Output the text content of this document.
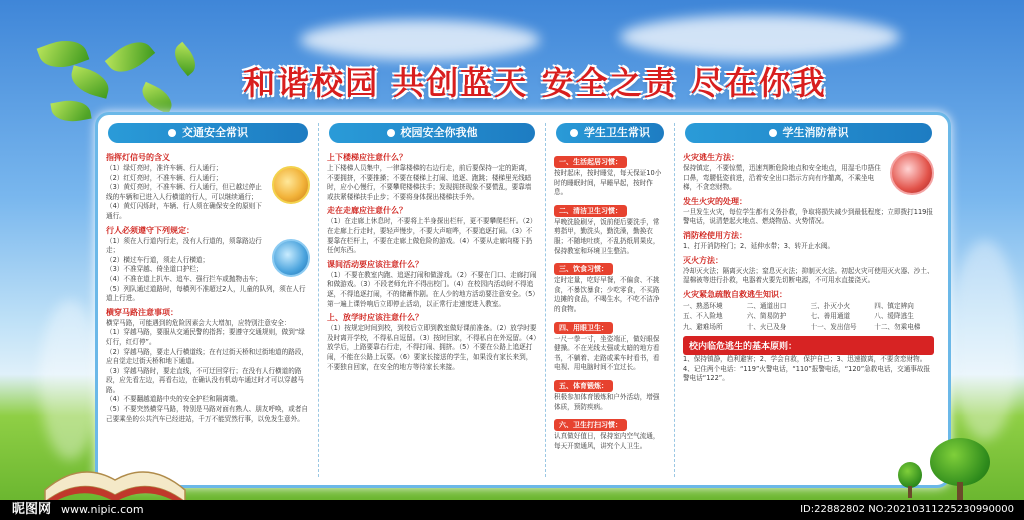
和谐校园 共创蓝天 安全之责 尽在你我
交通安全常识
指挥灯信号的含义

（1）绿灯亮时，准许车辆、行人通行；

（2）红灯亮时，不准车辆、行人通行；

（3）黄灯亮时，不准车辆、行人通行，但已越过停止线的车辆和已进入人行横道的行人，可以继续通行；

（4）黄灯闪烁时，车辆、行人须在确保安全的原则下通行。

行人必须遵守下列规定：

（1）须在人行道内行走，没有人行道的，须靠路边行走；

（2）横过车行道，须走人行横道；

（3）不准穿越、倚坐道口护栏；

（4）不准在道上扒车、追车、强行拦车或抛物击车；

（5）列队通过道路时，每横列不准超过2人，儿童的队列，须在人行道上行进。

横穿马路注意事项：

横穿马路，可能遇到的危险因素会大大增加，应特别注意安全：

（1）穿越马路，要服从交通民警的指挥；要遵守交通规则，做到“绿灯行，红灯停”。

（2）穿越马路，要走人行横道线；在有过街天桥和过街地道的路段，应自觉走过街天桥和地下通道。

（3）穿越马路时，要走直线，不可迂回穿行；在没有人行横道的路段，应先看左边，再看右边，在确认没有机动车通过时才可以穿越马路。

（4）不要翻越道路中央的安全护栏和隔离墩。

（5）不要突然横穿马路，特别是马路对面有熟人、朋友呼唤，或者自己要乘坐的公共汽车已经进站，千万不能贸然行事，以免发生意外。

校园安全你我他
上下楼梯应注意什么？

上下楼梯人员集中，一律靠楼梯的右边行走，前后要保持一定的距离，不要拥挤，不要推搡；不要在楼梯上打闹、追逐、跑跳；楼梯里光线暗时，应小心慢行，不要攀爬楼梯扶手；发现拥挤现象不要慌乱，要靠墙或扶紧楼梯扶手止步；不要将身体探出楼梯扶手外。

走在走廊应注意什么？

（1）在走廊上休息时，不要将上半身探出栏杆，更不要攀爬栏杆。（2）在走廊上行走时，要轻声慢步，不要大声喧哗，不要追逐打闹。（3）不要靠在栏杆上，不要在走廊上做危险的游戏。（4）不要从走廊向楼下扔任何东西。

课间活动要应该注意什么？

（1）不要在教室内跑、追逐打闹和做游戏。（2）不要在门口、走廊打闹和做游戏。（3）不段老师允许不得出校门。（4）在校园内活动时不得追逐，不得追逐打闹，不的储蓄作剧。在人少的地方活动要注意安全。（5）第一遍上课铃响后立即停止活动，以正常行走速度进入教室。

上、放学时应该注意什么？

（1）按规定时间到校，到校后立即到教室做好课前准备。（2）放学时要及时离开学校，不得私自逗留。（3）按时回家，不得私自在外逗留。（4）放学后，上路要靠右行走，不得打闹、拥挤。（5）不要在公路上追逐打闹，不能在公路上玩耍。（6）要家长接送的学生，如果没有家长来到，不要独自回家，在安全的地方等待家长来接。

学生卫生常识
一、生活起居习惯：

按时起床，按时睡觉，每天保证10小时的睡眠时间，早睡早起，按时作息。

二、清洁卫生习惯：

早晚洗脸刷牙，饭前便后要洗手，常剪指甲，勤洗头，勤洗澡，勤换衣服；不随地吐痰，不乱扔纸屑果皮，保持教室和环境卫生整洁。

三、饮食习惯：

定时定量，吃好早餐，不偏食、不挑食，不暴饮暴食；少吃零食，不买路边摊的食品，不喝生水，不吃不洁净的食物。

四、用眼卫生：

一尺一拳一寸，坐姿端正，做好眼保健操。不在光线太强或太暗的地方看书，不躺着、走路或乘车时看书，看电视、用电脑时间不宜过长。

五、体育锻炼：

积极参加体育锻炼和户外活动，增强体质，预防疾病。

六、卫生打扫习惯：

认真做好值日，保持室内空气流通，每天开窗通风，讲究个人卫生。

学生消防常识
火灾逃生方法：

保持镇定，不要惊慌，迅速判断危险地点和安全地点，用湿毛巾捂住口鼻，弯腰低姿前进，沿着安全出口指示方向有序撤离，不乘坐电梯，不贪恋财物。

发生火灾的处理：

一旦发生火灾，每位学生都有义务扑救，争取将损失减少到最低程度；立即拨打119报警电话，说清楚起火地点、燃烧物品、火势情况。

消防栓使用方法：

1、打开消防栓门；2、延伸水带；3、转开止水阀。

灭火方法：

冷却灭火法；隔离灭火法；窒息灭火法；抑制灭火法。初起火灾可使用灭火器、沙土、湿棉被等进行扑救，电器着火要先切断电源，不可用水直接浇灭。

火灾紧急疏散自救逃生知识：
一、熟悉环境	二、通道出口	三、扑灭小火	四、镇定辨向
五、不入险地	六、简易防护	七、善用通道	八、缓降逃生
九、避难场所	十、火已及身	十一、发出信号	十二、勿乘电梯
校内临危逃生的基本原则：

1、保持镇静，趋利避害；2、学会自救，保护自己；3、迅速撤离，不要贪恋财物。

4、记住两个电话：“119”火警电话，“110”报警电话，“120”急救电话，交通事故报警电话“122”。

昵图网 www.nipic.com	ID:22882802 NO:20210311225230990000
